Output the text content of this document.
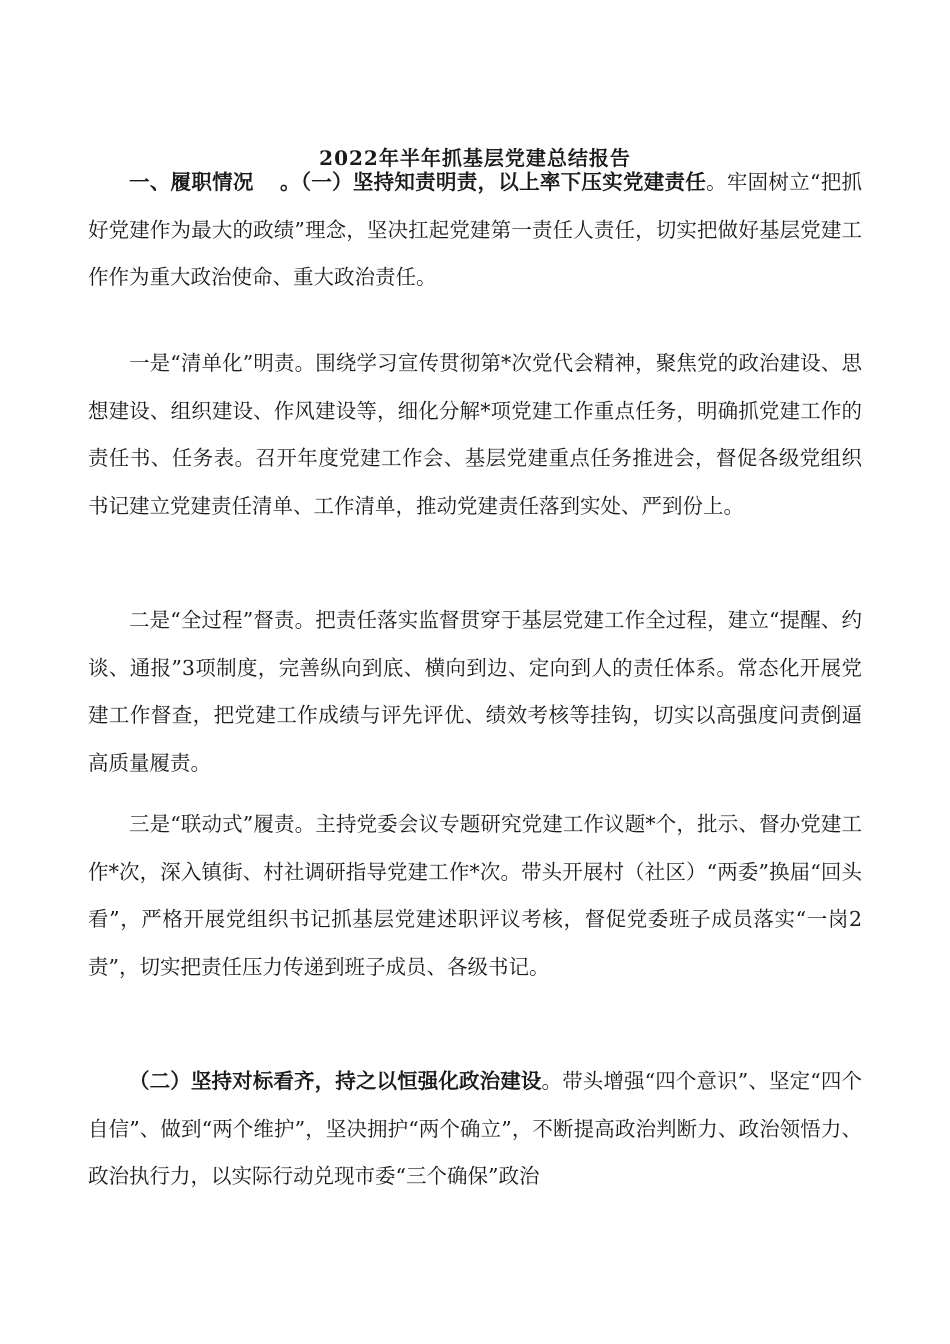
2022年半年抓基层党建总结报告
一、履职情况 。（一）坚持知责明责，以上率下压实党建责任。牢固树立“把抓好党建作为最大的政绩”理念，坚决扛起党建第一责任人责任，切实把做好基层党建工作作为重大政治使命、重大政治责任。
一是“清单化”明责。围绕学习宣传贯彻第*次党代会精神，聚焦党的政治建设、思想建设、组织建设、作风建设等，细化分解*项党建工作重点任务，明确抓党建工作的责任书、任务表。召开年度党建工作会、基层党建重点任务推进会，督促各级党组织书记建立党建责任清单、工作清单，推动党建责任落到实处、严到份上。
二是“全过程”督责。把责任落实监督贯穿于基层党建工作全过程，建立“提醒、约谈、通报”3项制度，完善纵向到底、横向到边、定向到人的责任体系。常态化开展党建工作督查，把党建工作成绩与评先评优、绩效考核等挂钩，切实以高强度问责倒逼高质量履责。
三是“联动式”履责。主持党委会议专题研究党建工作议题*个，批示、督办党建工作*次，深入镇街、村社调研指导党建工作*次。带头开展村（社区）“两委”换届“回头看”，严格开展党组织书记抓基层党建述职评议考核，督促党委班子成员落实“一岗2责”，切实把责任压力传递到班子成员、各级书记。
（二）坚持对标看齐，持之以恒强化政治建设。带头增强“四个意识”、坚定“四个自信”、做到“两个维护”，坚决拥护“两个确立”，不断提高政治判断力、政治领悟力、政治执行力，以实际行动兑现市委“三个确保”政治
